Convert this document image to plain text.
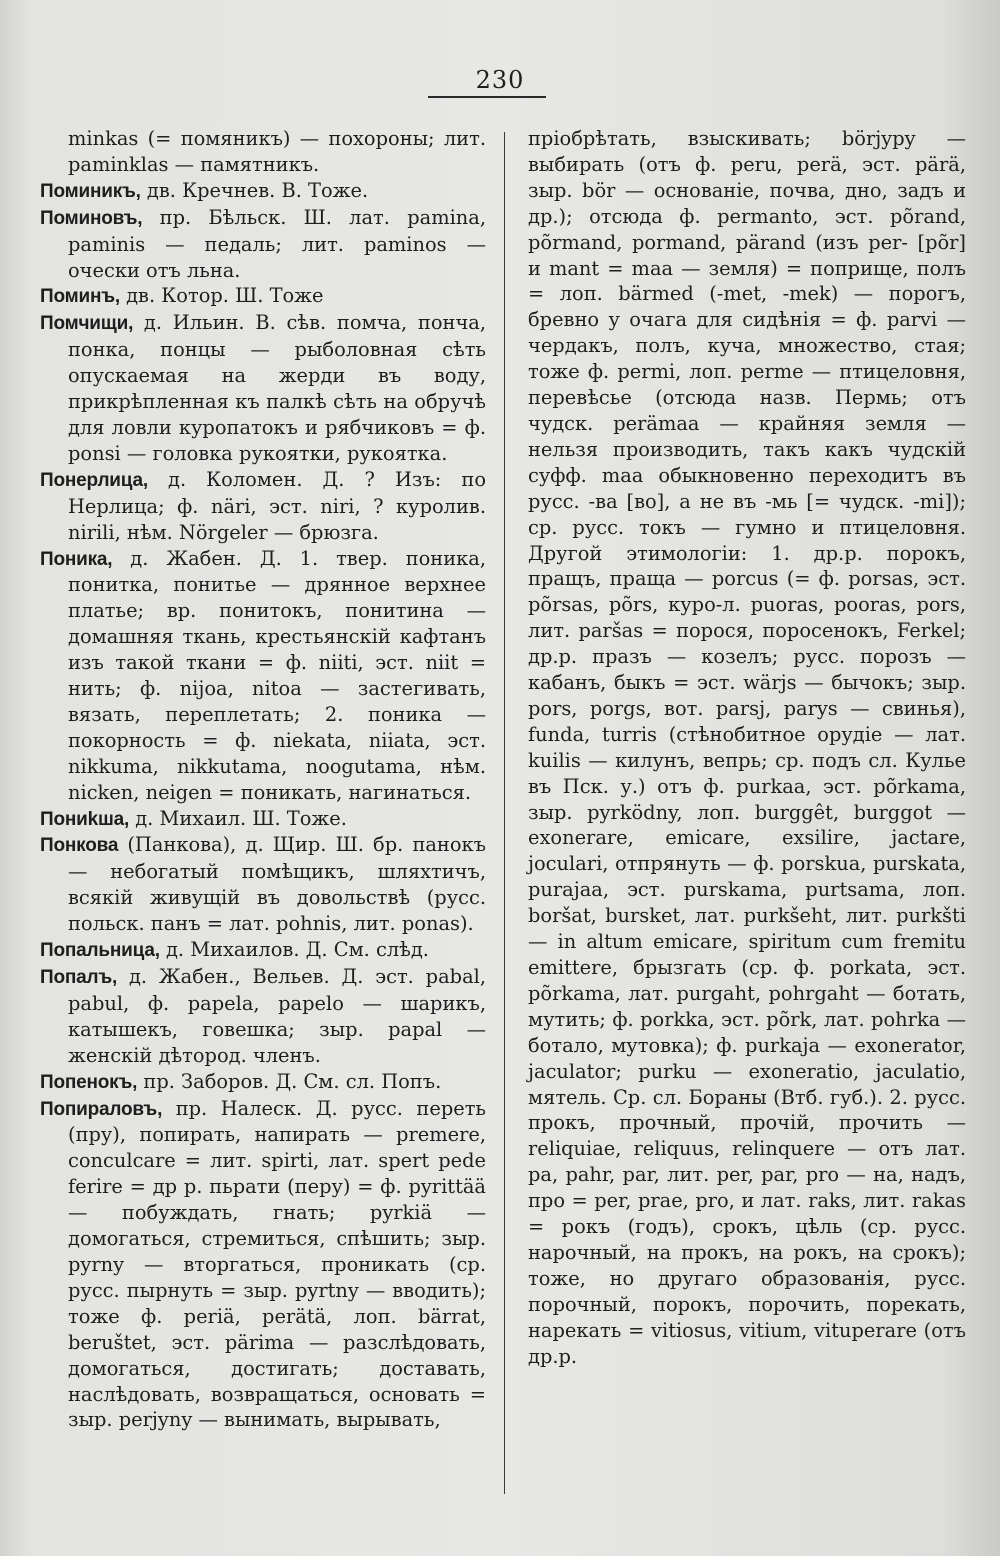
230

minkas (= помяникъ) — похороны; лит. paminklas — памятникъ.

Поминикъ, дв. Кречнев. В. Тоже.

Поминовъ, пр. Бѣльск. Ш. лат. pamina, paminis — педаль; лит. paminos — очески отъ льна.

Поминъ, дв. Котор. Ш. Тоже

Помчищи, д. Ильин. В. сѣв. помча, пончa, понка, понцы — рыболовная сѣть опускаемая на жерди въ воду, прикрѣпленная къ палкѣ сѣть на обручѣ для ловли куропатокъ и рябчиковъ = ф. ponsi — головка рукоятки, рукоятка.

Понерлица, д. Коломен. Д. ? Изъ: по Нерлица; ф. näri, эст. niri, ? куролив. nirili, нѣм. Nörgeler — брюзга.

Поника, д. Жабен. Д. 1. твер. поника, понитка, понитье — дрянное верхнее платье; вр. понитокъ, понитина — домашняя ткань, крестьянскій кафтанъ изъ такой ткани = ф. niiti, эст. niit = нить; ф. nijoa, nitoa — застегивать, вязать, переплетать; 2. поника — покорность = ф. niekata, niiata, эст. nikkuma, nikkutama, noogutama, нѣм. nicken, neigen = поникать, нагинаться.

Пониkша, д. Михаил. Ш. Тоже.

Понкова (Панкова), д. Щир. Ш. бр. панокъ — небогатый помѣщикъ, шляхтичъ, всякій живущій въ довольствѣ (русс. польск. панъ = лат. pohnis, лит. ponas).

Попальница, д. Михаилов. Д. См. слѣд.

Попалъ, д. Жабен., Вельев. Д. эст. pabal, pabul, ф. papela, papelo — шарикъ, катышекъ, говешка; зыр. papal — женскій дѣтород. членъ.

Попенокъ, пр. Заборов. Д. См. сл. Попъ.

Попираловъ, пр. Налеск. Д. русс. переть (пру), попирать, напирать — premere, conculcare = лит. spirti, лат. spert pede ferire = др р. пьрати (перу) = ф. pyrittää — побуждать, гнать; pyrkiä — домогаться, стремиться, спѣшить; зыр. pyrny — вторгаться, проникать (ср. русс. пырнуть = зыр. pyrtny — вводить); тоже ф. periä, perätä, лоп. bärrat, beruštet, эст. pärima — разслѣдовать, домогаться, достигать; доставать, наслѣдовать, возвращаться, основать = зыр. perjyny — вынимать, вырывать,

пріобрѣтать, взыскивать; börjypy — выбирать (отъ ф. peru, perä, эст. pärä, зыр. bör — основаніе, почва, дно, задъ и др.); отсюда ф. permanto, эст. põrand, põrmand, pormand, pärand (изъ per- [põr] и mant = maa — земля) = поприще, полъ = лоп. bärmed (-met, -mek) — порогъ, бревно у очага для сидѣнія = ф. parvi — чердакъ, полъ, куча, множество, стая; тоже ф. permi, лоп. perme — птицеловня, перевѣсье (отсюда назв. Пермь; отъ чудск. perämaa — крайняя земля — нельзя производить, такъ какъ чудскій суфф. maa обыкновенно переходитъ въ русс. -ва [во], а не въ -мь [= чудск. -mi]); ср. русс. токъ — гумно и птицеловня. Другой этимологіи: 1. др.р. порокъ, пращъ, праща — porcus (= ф. porsas, эст. põrsas, põrs, куро-л. puoras, pooras, pors, лит. paršas = порося, поросенокъ, Ferkel; др.р. празъ — козелъ; русс. порозъ — кабанъ, быкъ = эст. wärjs — бычокъ; зыр. pors, porgs, вот. parsj, parys — свинья), funda, turris (стѣнобитное орудіе — лат. kuilis — килунъ, вепрь; ср. подъ сл. Кулье въ Пск. у.) отъ ф. purkaa, эст. põrkama, зыр. pyrködny, лоп. burggêt, burggot — exonerare, emicare, exsilire, jactare, joculari, отпрянуть — ф. porskua, purskata, purajaa, эст. purskama, purtsama, лоп. boršat, bursket, лат. purkšeht, лит. purkšti — in altum emicare, spiritum cum fremitu emittere, брызгать (ср. ф. porkata, эст. põrkama, лат. purgaht, pohrgaht — ботать, мутить; ф. porkka, эст. põrk, лат. pohrka — ботало, мутовка); ф. purkaja — exonerator, jaculator; purku — exoneratio, jaculatio, мятель. Ср. сл. Бораны (Втб. губ.). 2. русс. прокъ, прочный, прочій, прочить — reliquiae, reliquus, relinquere — отъ лат. pa, pahr, par, лит. per, par, pro — на, надъ, про = per, prae, pro, и лат. raks, лит. rakas = рокъ (годъ), срокъ, цѣль (ср. русс. нарочный, на прокъ, на рокъ, на срокъ); тоже, но другаго образованія, русс. порочный, порокъ, порочить, порекать, нарекать = vitiosus, vitium, vituperare (отъ др.р.
